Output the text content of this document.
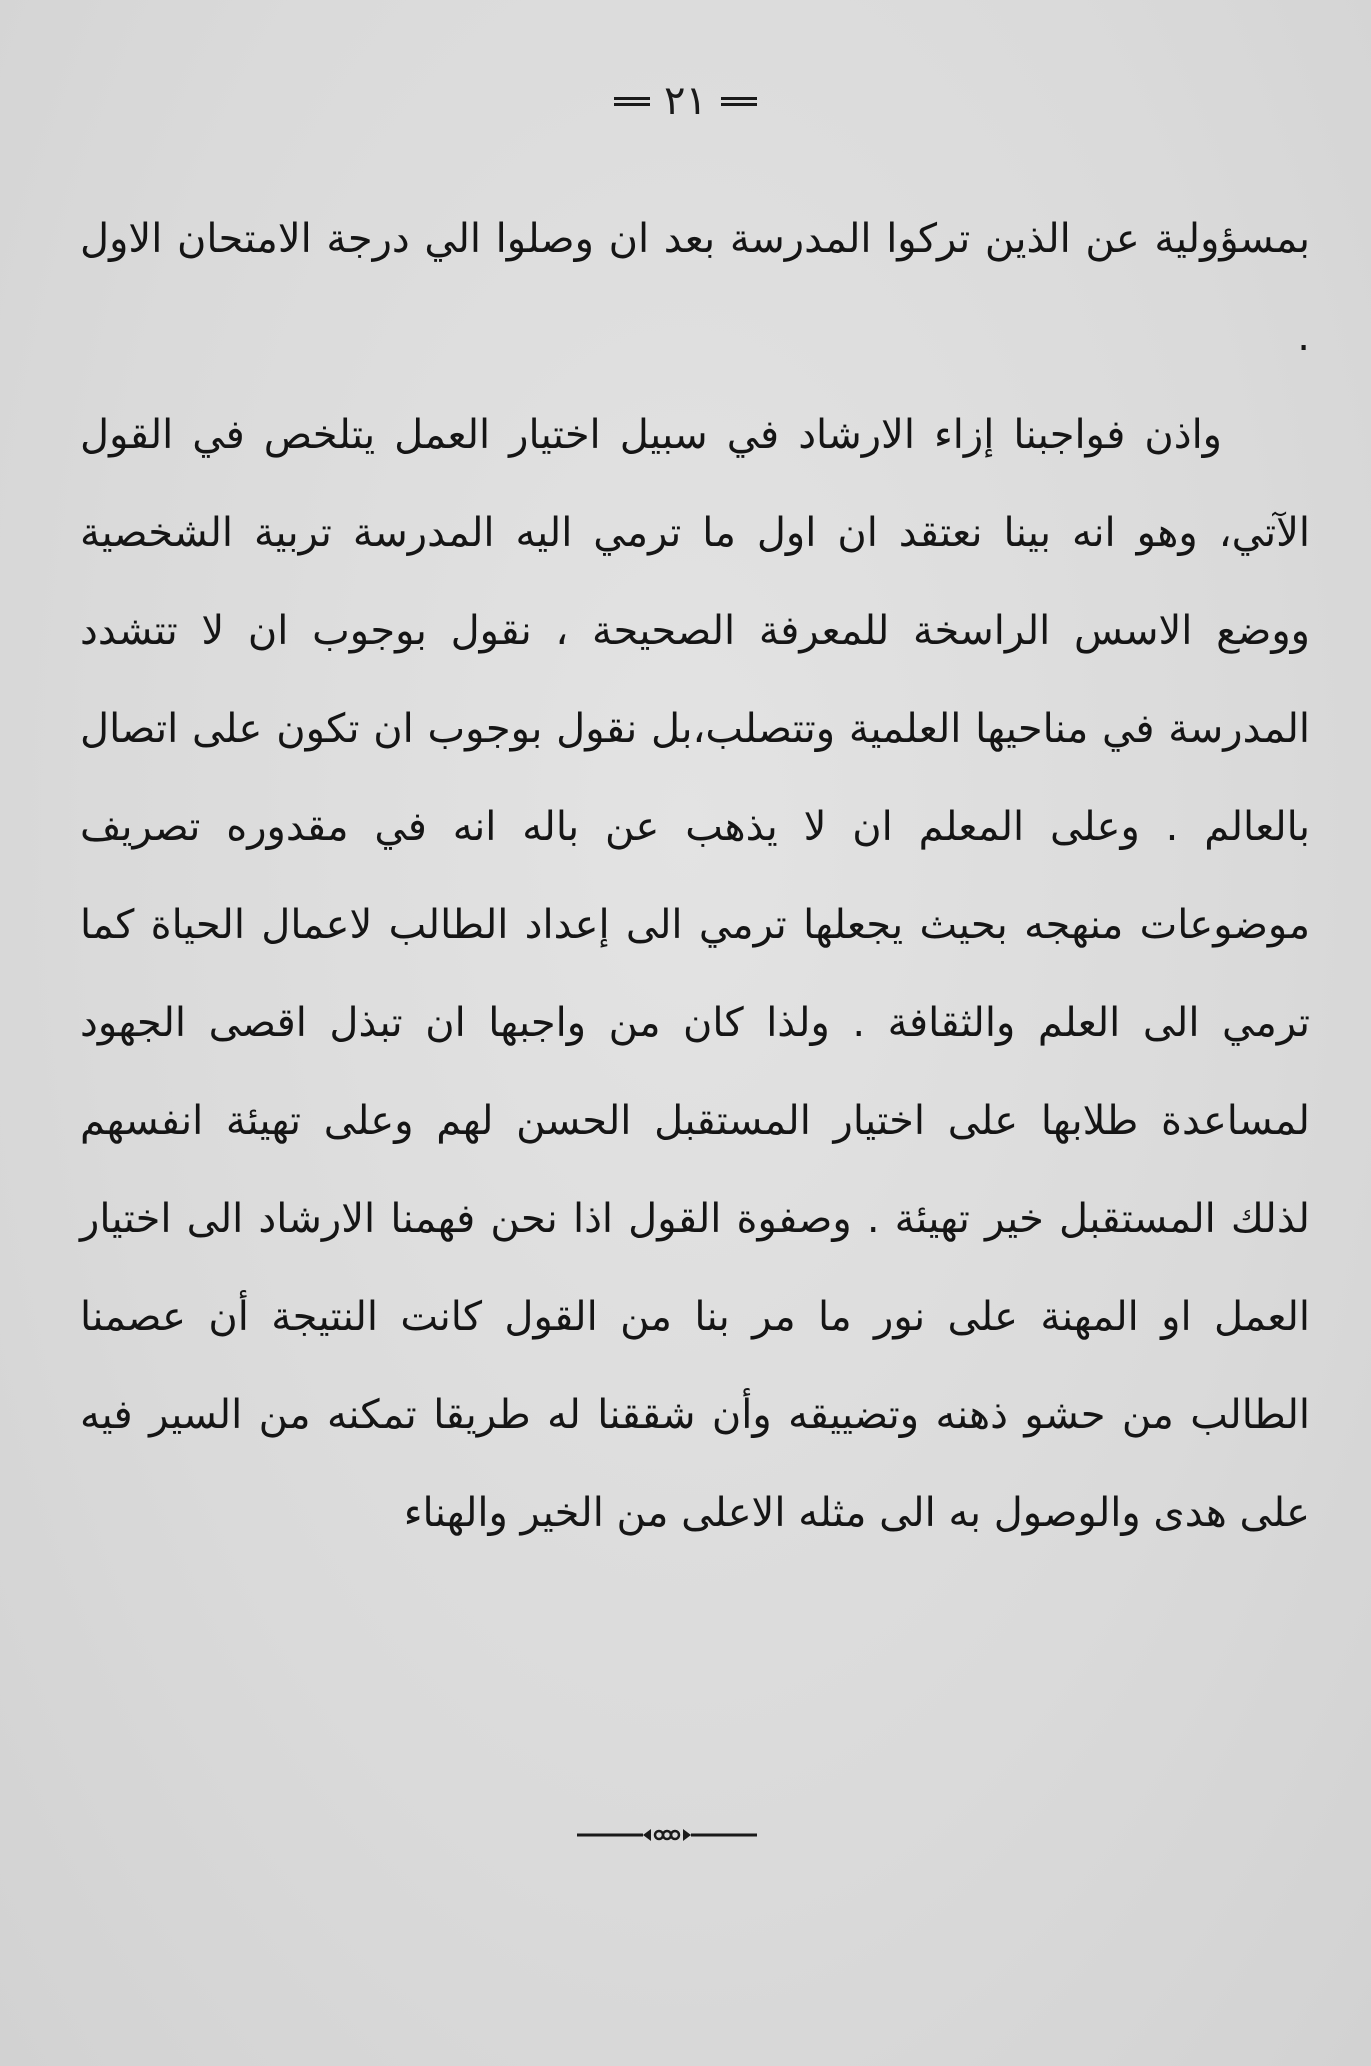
٢١

بمسؤولية عن الذين تركوا المدرسة بعد ان وصلوا الي درجة الامتحان الاول .

واذن فواجبنا إزاء الارشاد في سبيل اختيار العمل يتلخص في القول الآتي، وهو انه بينا نعتقد ان اول ما ترمي اليه المدرسة تربية الشخصية ووضع الاسس الراسخة للمعرفة الصحيحة ، نقول بوجوب ان لا تتشدد المدرسة في مناحيها العلمية وتتصلب،بل نقول بوجوب ان تكون على اتصال بالعالم . وعلى المعلم ان لا يذهب عن باله انه في مقدوره تصريف موضوعات منهجه بحيث يجعلها ترمي الى إعداد الطالب لاعمال الحياة كما ترمي الى العلم والثقافة . ولذا كان من واجبها ان تبذل اقصى الجهود لمساعدة طلابها على اختيار المستقبل الحسن لهم وعلى تهيئة انفسهم لذلك المستقبل خير تهيئة . وصفوة القول اذا نحن فهمنا الارشاد الى اختيار العمل او المهنة على نور ما مر بنا من القول كانت النتيجة أن عصمنا الطالب من حشو ذهنه وتضييقه وأن شققنا له طريقا تمكنه من السير فيه على هدى والوصول به الى مثله الاعلى من الخير والهناء
